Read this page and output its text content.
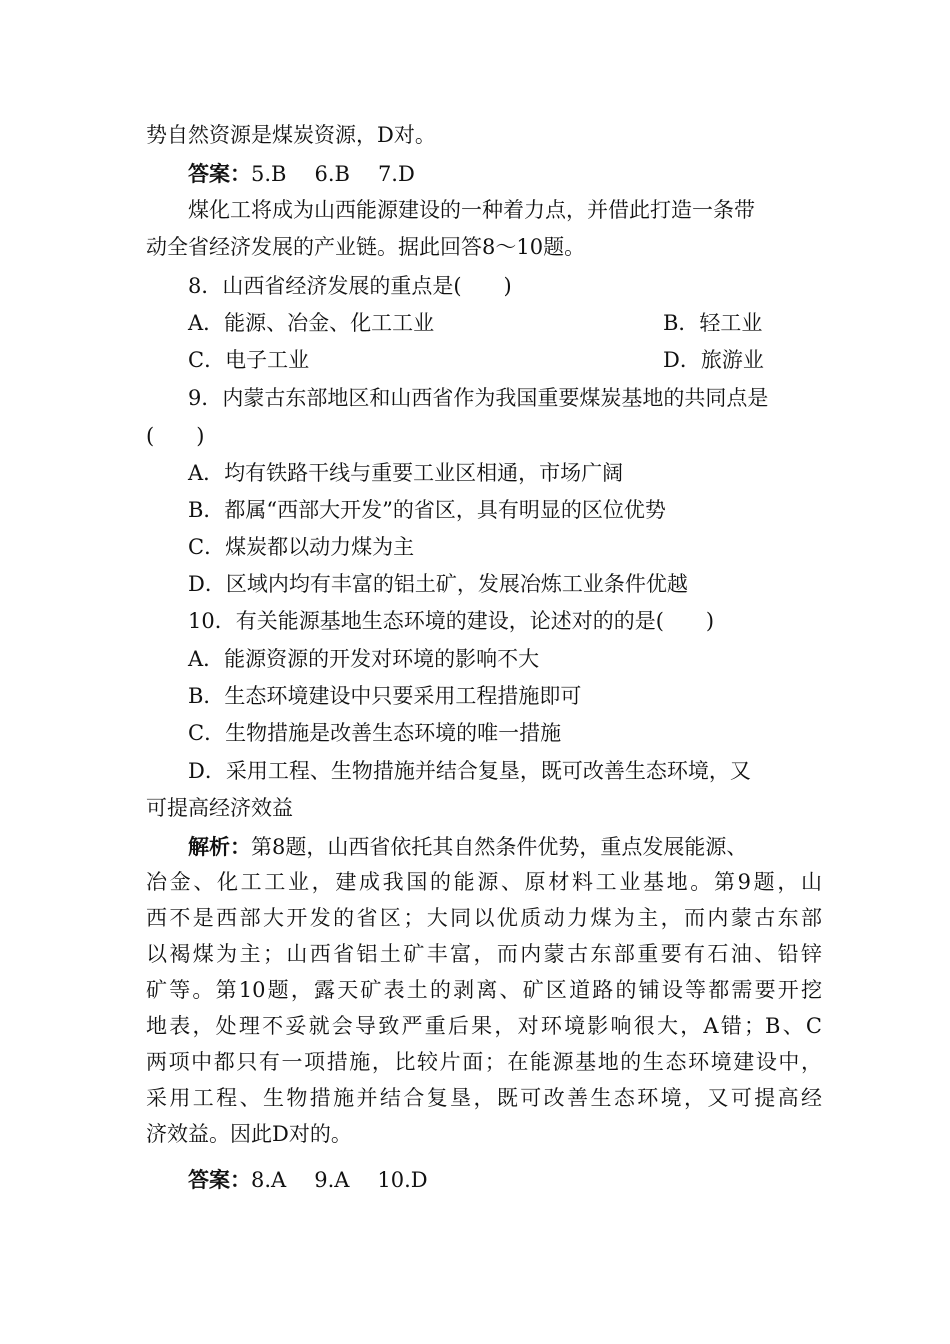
势自然资源是煤炭资源，D对。
答案：5.B 6.B 7.D
煤化工将成为山西能源建设的一种着力点，并借此打造一条带
动全省经济发展的产业链。据此回答8～10题。
8．山西省经济发展的重点是(　　)
A．能源、冶金、化工工业	B．轻工业
C．电子工业	D．旅游业
9．内蒙古东部地区和山西省作为我国重要煤炭基地的共同点是
(　　)
A．均有铁路干线与重要工业区相通，市场广阔
B．都属“西部大开发”的省区，具有明显的区位优势
C．煤炭都以动力煤为主
D．区域内均有丰富的铝土矿，发展冶炼工业条件优越
10．有关能源基地生态环境的建设，论述对的的是(　　)
A．能源资源的开发对环境的影响不大
B．生态环境建设中只要采用工程措施即可
C．生物措施是改善生态环境的唯一措施
D．采用工程、生物措施并结合复垦，既可改善生态环境，又
可提高经济效益
解析：第8题，山西省依托其自然条件优势，重点发展能源、
冶金、化工工业，建成我国的能源、原材料工业基地。第9题，山
西不是西部大开发的省区；大同以优质动力煤为主，而内蒙古东部
以褐煤为主；山西省铝土矿丰富，而内蒙古东部重要有石油、铅锌
矿等。第10题，露天矿表土的剥离、矿区道路的铺设等都需要开挖
地表，处理不妥就会导致严重后果，对环境影响很大，A错；B、C
两项中都只有一项措施，比较片面；在能源基地的生态环境建设中，
采用工程、生物措施并结合复垦，既可改善生态环境，又可提高经
济效益。因此D对的。
答案：8.A 9.A 10.D
